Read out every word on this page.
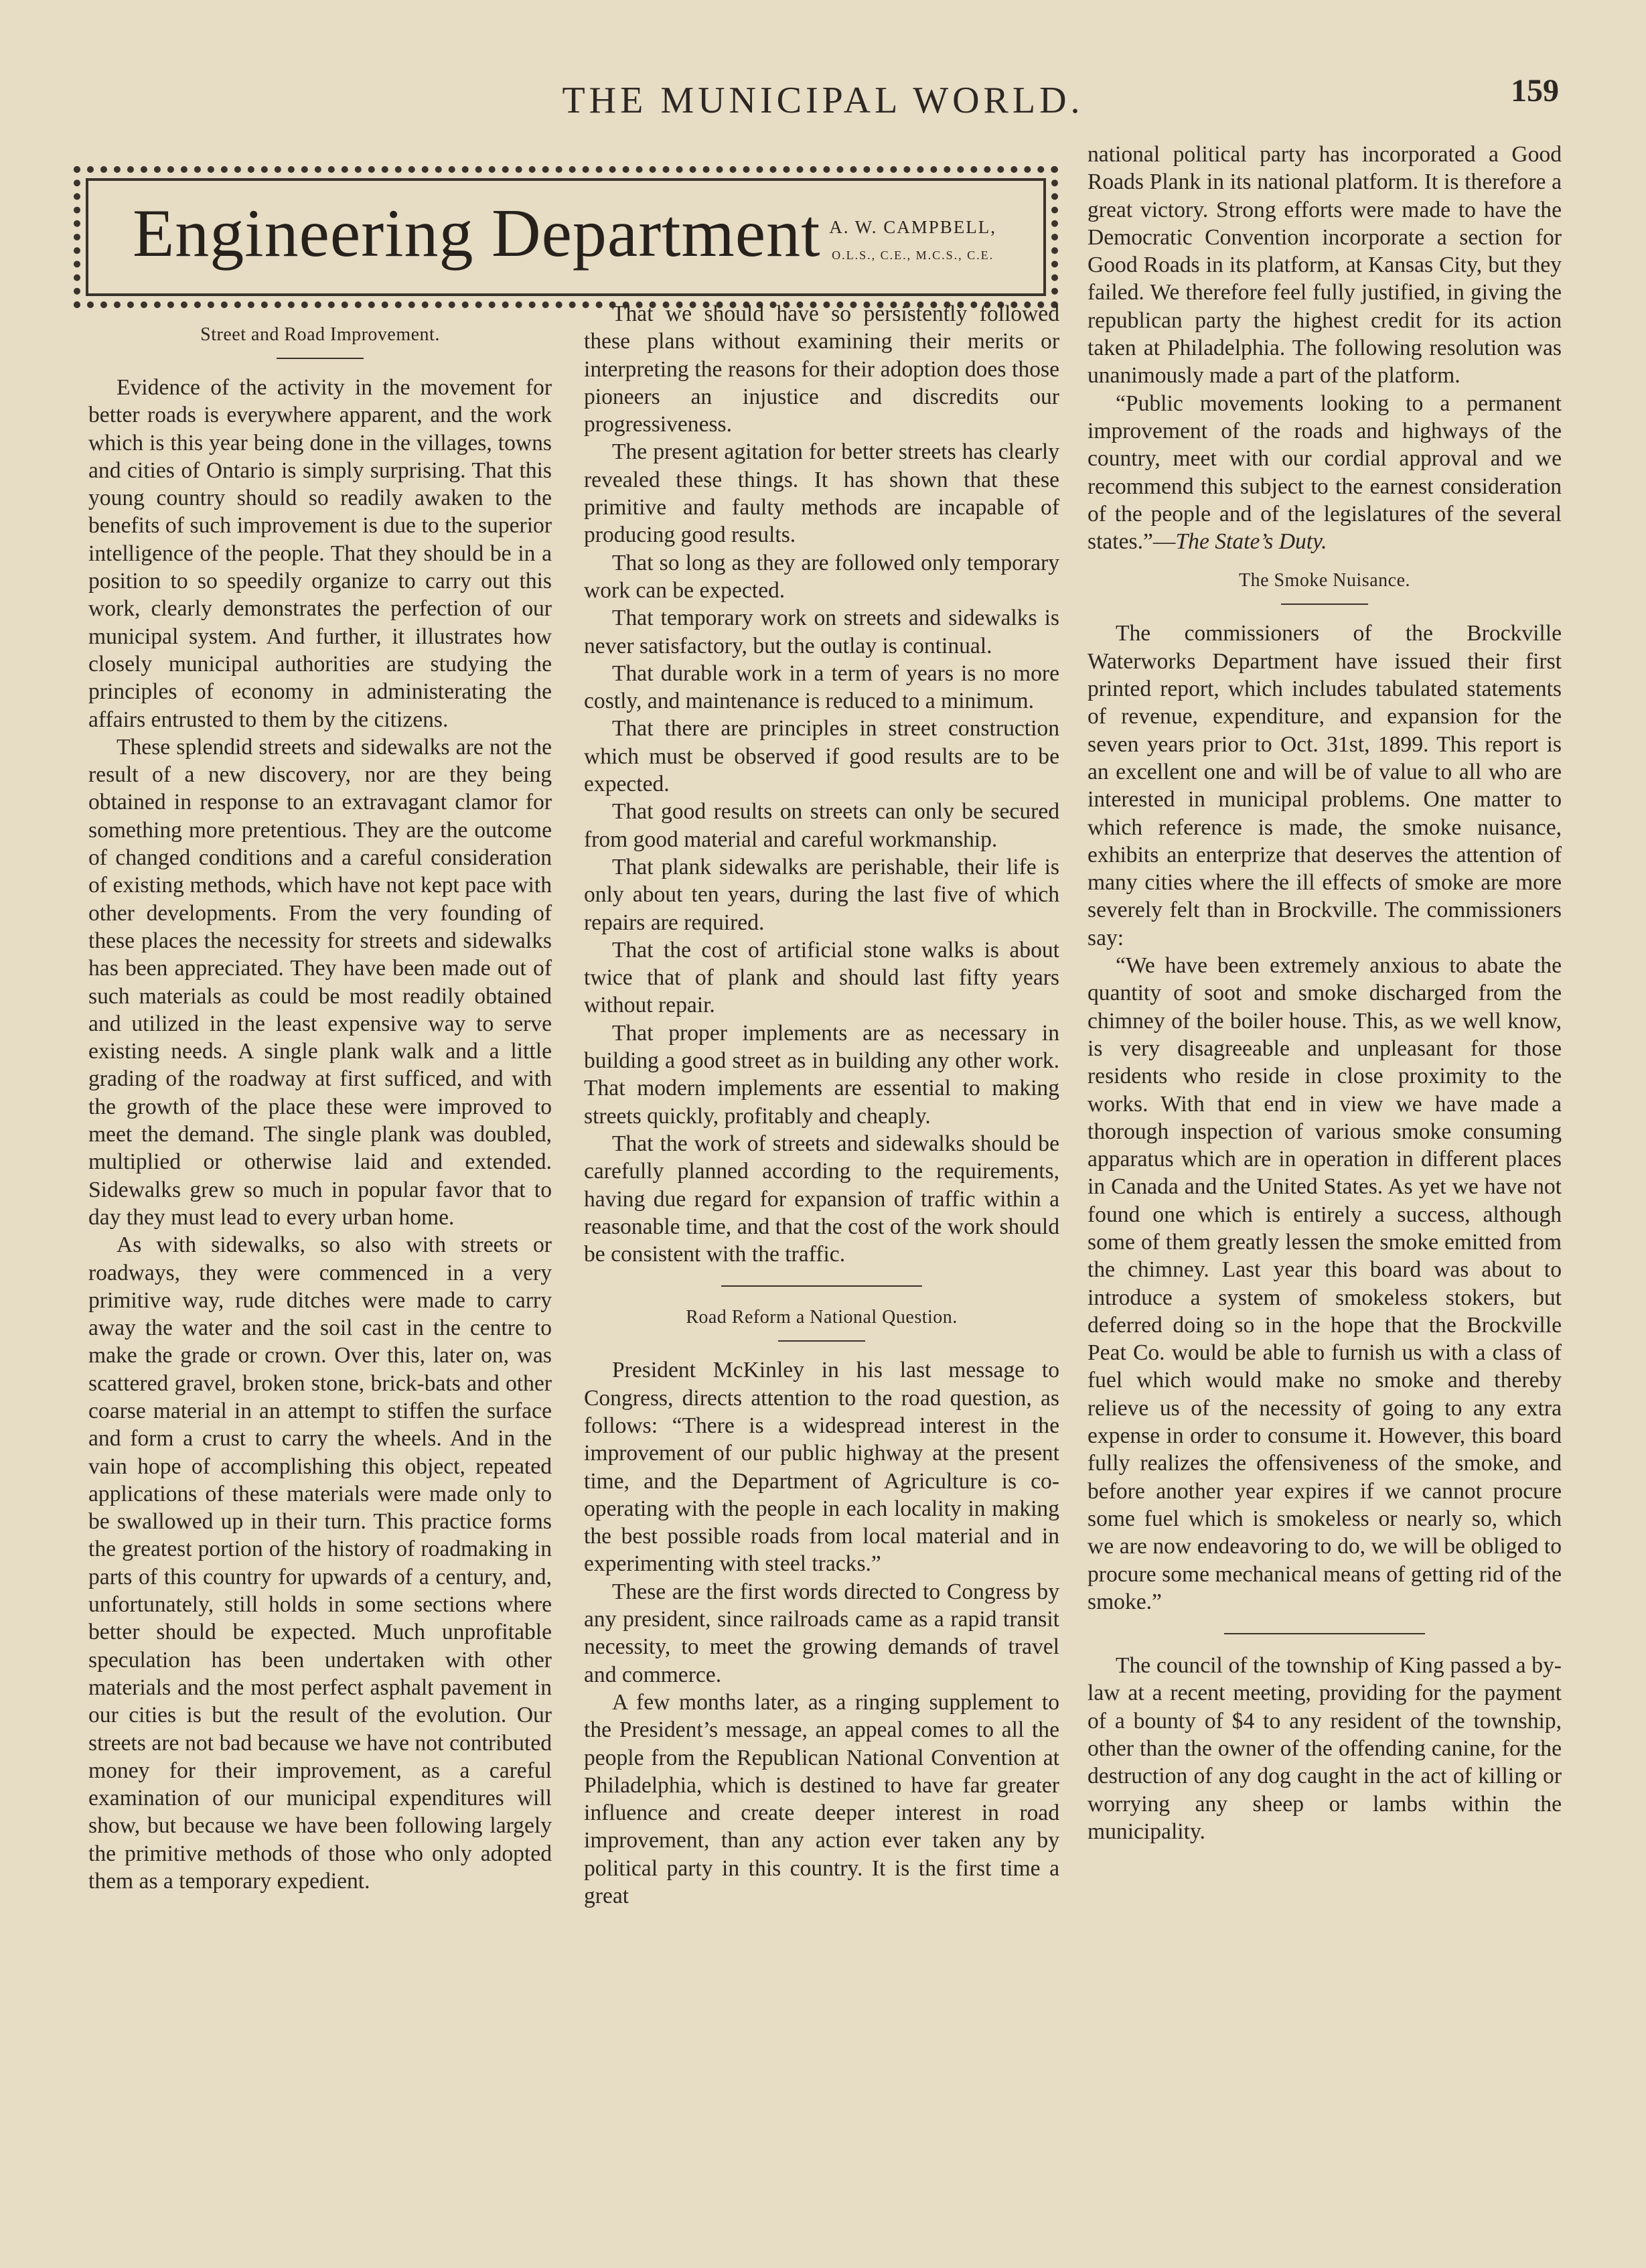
THE MUNICIPAL WORLD.	159
Engineering Department A. W. CAMPBELL,
O.L.S., C.E., M.C.S., C.E.
Street and Road Improvement.

Evidence of the activity in the movement for better roads is everywhere apparent, and the work which is this year being done in the villages, towns and cities of Ontario is simply surprising. That this young country should so readily awaken to the benefits of such improvement is due to the superior intelligence of the people. That they should be in a position to so speedily organize to carry out this work, clearly demonstrates the perfection of our municipal system. And further, it illustrates how closely municipal authorities are studying the principles of economy in administerating the affairs entrusted to them by the citizens.

These splendid streets and sidewalks are not the result of a new discovery, nor are they being obtained in response to an extravagant clamor for something more pretentious. They are the outcome of changed conditions and a careful consideration of existing methods, which have not kept pace with other developments. From the very founding of these places the necessity for streets and sidewalks has been appreciated. They have been made out of such materials as could be most readily obtained and utilized in the least expensive way to serve existing needs. A single plank walk and a little grading of the roadway at first sufficed, and with the growth of the place these were improved to meet the demand. The single plank was doubled, multiplied or otherwise laid and extended. Sidewalks grew so much in popular favor that to day they must lead to every urban home.

As with sidewalks, so also with streets or roadways, they were commenced in a very primitive way, rude ditches were made to carry away the water and the soil cast in the centre to make the grade or crown. Over this, later on, was scattered gravel, broken stone, brick-bats and other coarse material in an attempt to stiffen the surface and form a crust to carry the wheels. And in the vain hope of accomplishing this object, repeated applications of these materials were made only to be swallowed up in their turn. This practice forms the greatest portion of the history of roadmaking in parts of this country for upwards of a century, and, unfortunately, still holds in some sections where better should be expected. Much unprofitable speculation has been undertaken with other materials and the most perfect asphalt pavement in our cities is but the result of the evolution. Our streets are not bad because we have not contributed money for their improvement, as a careful examination of our municipal expenditures will show, but because we have been following largely the primitive methods of those who only adopted them as a temporary expedient.

That we should have so persistently followed these plans without examining their merits or interpreting the reasons for their adoption does those pioneers an injustice and discredits our progressiveness.

The present agitation for better streets has clearly revealed these things. It has shown that these primitive and faulty methods are incapable of producing good results.

That so long as they are followed only temporary work can be expected.

That temporary work on streets and sidewalks is never satisfactory, but the outlay is continual.

That durable work in a term of years is no more costly, and maintenance is reduced to a minimum.

That there are principles in street construction which must be observed if good results are to be expected.

That good results on streets can only be secured from good material and careful workmanship.

That plank sidewalks are perishable, their life is only about ten years, during the last five of which repairs are required.

That the cost of artificial stone walks is about twice that of plank and should last fifty years without repair.

That proper implements are as necessary in building a good street as in building any other work. That modern implements are essential to making streets quickly, profitably and cheaply.

That the work of streets and sidewalks should be carefully planned according to the requirements, having due regard for expansion of traffic within a reasonable time, and that the cost of the work should be consistent with the traffic.

Road Reform a National Question.

President McKinley in his last message to Congress, directs attention to the road question, as follows: “There is a widespread interest in the improvement of our public highway at the present time, and the Department of Agriculture is co-operating with the people in each locality in making the best possible roads from local material and in experimenting with steel tracks.”

These are the first words directed to Congress by any president, since railroads came as a rapid transit necessity, to meet the growing demands of travel and commerce.

A few months later, as a ringing supplement to the President’s message, an appeal comes to all the people from the Republican National Convention at Philadelphia, which is destined to have far greater influence and create deeper interest in road improvement, than any action ever taken any by political party in this country. It is the first time a great

national political party has incorporated a Good Roads Plank in its national platform. It is therefore a great victory. Strong efforts were made to have the Democratic Convention incorporate a section for Good Roads in its platform, at Kansas City, but they failed. We therefore feel fully justified, in giving the republican party the highest credit for its action taken at Philadelphia. The following resolution was unanimously made a part of the platform.

“Public movements looking to a permanent improvement of the roads and highways of the country, meet with our cordial approval and we recommend this subject to the earnest consideration of the people and of the legislatures of the several states.”—The State’s Duty.

The Smoke Nuisance.

The commissioners of the Brockville Waterworks Department have issued their first printed report, which includes tabulated statements of revenue, expenditure, and expansion for the seven years prior to Oct. 31st, 1899. This report is an excellent one and will be of value to all who are interested in municipal problems. One matter to which reference is made, the smoke nuisance, exhibits an enterprize that deserves the attention of many cities where the ill effects of smoke are more severely felt than in Brockville. The commissioners say:

“We have been extremely anxious to abate the quantity of soot and smoke discharged from the chimney of the boiler house. This, as we well know, is very disagreeable and unpleasant for those residents who reside in close proximity to the works. With that end in view we have made a thorough inspection of various smoke consuming apparatus which are in operation in different places in Canada and the United States. As yet we have not found one which is entirely a success, although some of them greatly lessen the smoke emitted from the chimney. Last year this board was about to introduce a system of smokeless stokers, but deferred doing so in the hope that the Brockville Peat Co. would be able to furnish us with a class of fuel which would make no smoke and thereby relieve us of the necessity of going to any extra expense in order to consume it. However, this board fully realizes the offensiveness of the smoke, and before another year expires if we cannot procure some fuel which is smokeless or nearly so, which we are now endeavoring to do, we will be obliged to procure some mechanical means of getting rid of the smoke.”

The council of the township of King passed a by-law at a recent meeting, providing for the payment of a bounty of $4 to any resident of the township, other than the owner of the offending canine, for the destruction of any dog caught in the act of killing or worrying any sheep or lambs within the municipality.
